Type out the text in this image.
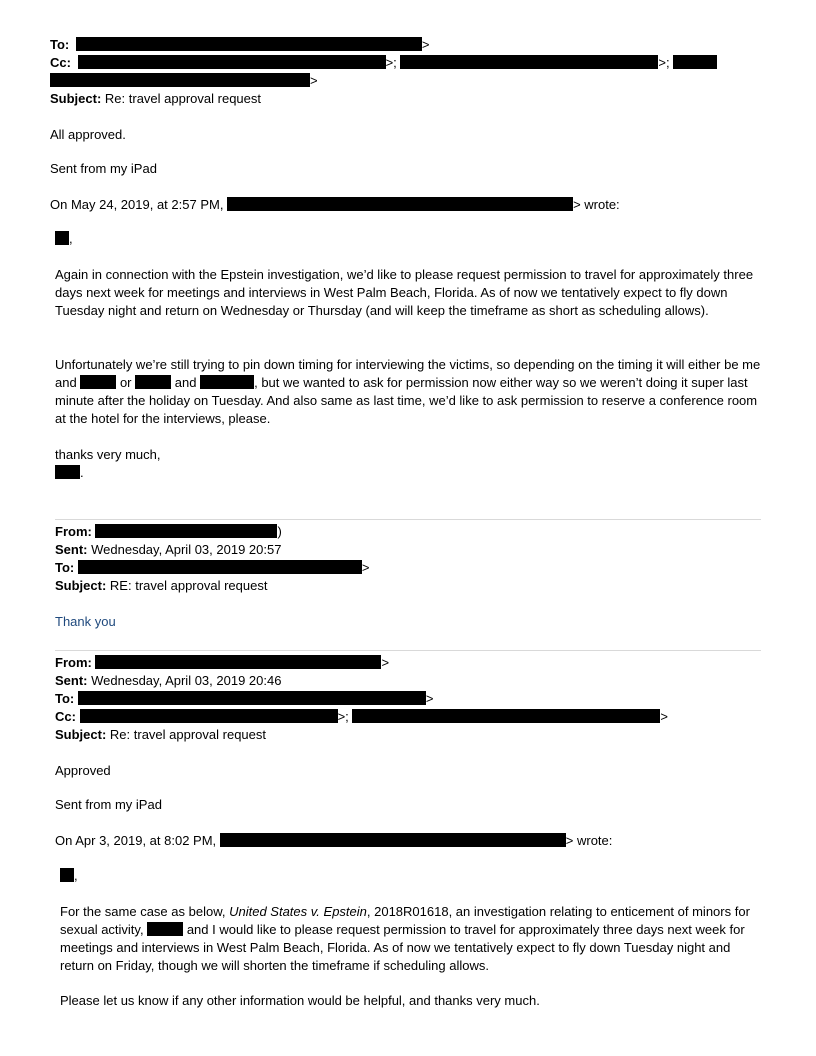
To:	>
Cc:	>;	>;
>
Subject: Re: travel approval request
All approved.
Sent from my iPad
On May 24, 2019, at 2:57 PM,	> wrote:
,
Again in connection with the Epstein investigation, we’d like to please request permission to travel for approximately three days next week for meetings and interviews in West Palm Beach, Florida. As of now we tentatively expect to fly down Tuesday night and return on Wednesday or Thursday (and will keep the timeframe as short as scheduling allows).
Unfortunately we’re still trying to pin down timing for interviewing the victims, so depending on the timing it will either be me and	or	and	, but we wanted to ask for permission now either way so we weren’t doing it super last minute after the holiday on Tuesday. And also same as last time, we’d like to ask permission to reserve a conference room at the hotel for the interviews, please.
thanks very much,
.
From:	)
Sent: Wednesday, April 03, 2019 20:57
To:	>
Subject: RE: travel approval request
Thank you
From:	>
Sent: Wednesday, April 03, 2019 20:46
To:	>
Cc:	>;	>
Subject: Re: travel approval request
Approved
Sent from my iPad
On Apr 3, 2019, at 8:02 PM,	> wrote:
,
For the same case as below, United States v. Epstein, 2018R01618, an investigation relating to enticement of minors for sexual activity,	and I would like to please request permission to travel for approximately three days next week for meetings and interviews in West Palm Beach, Florida. As of now we tentatively expect to fly down Tuesday night and return on Friday, though we will shorten the timeframe if scheduling allows.
Please let us know if any other information would be helpful, and thanks very much.
